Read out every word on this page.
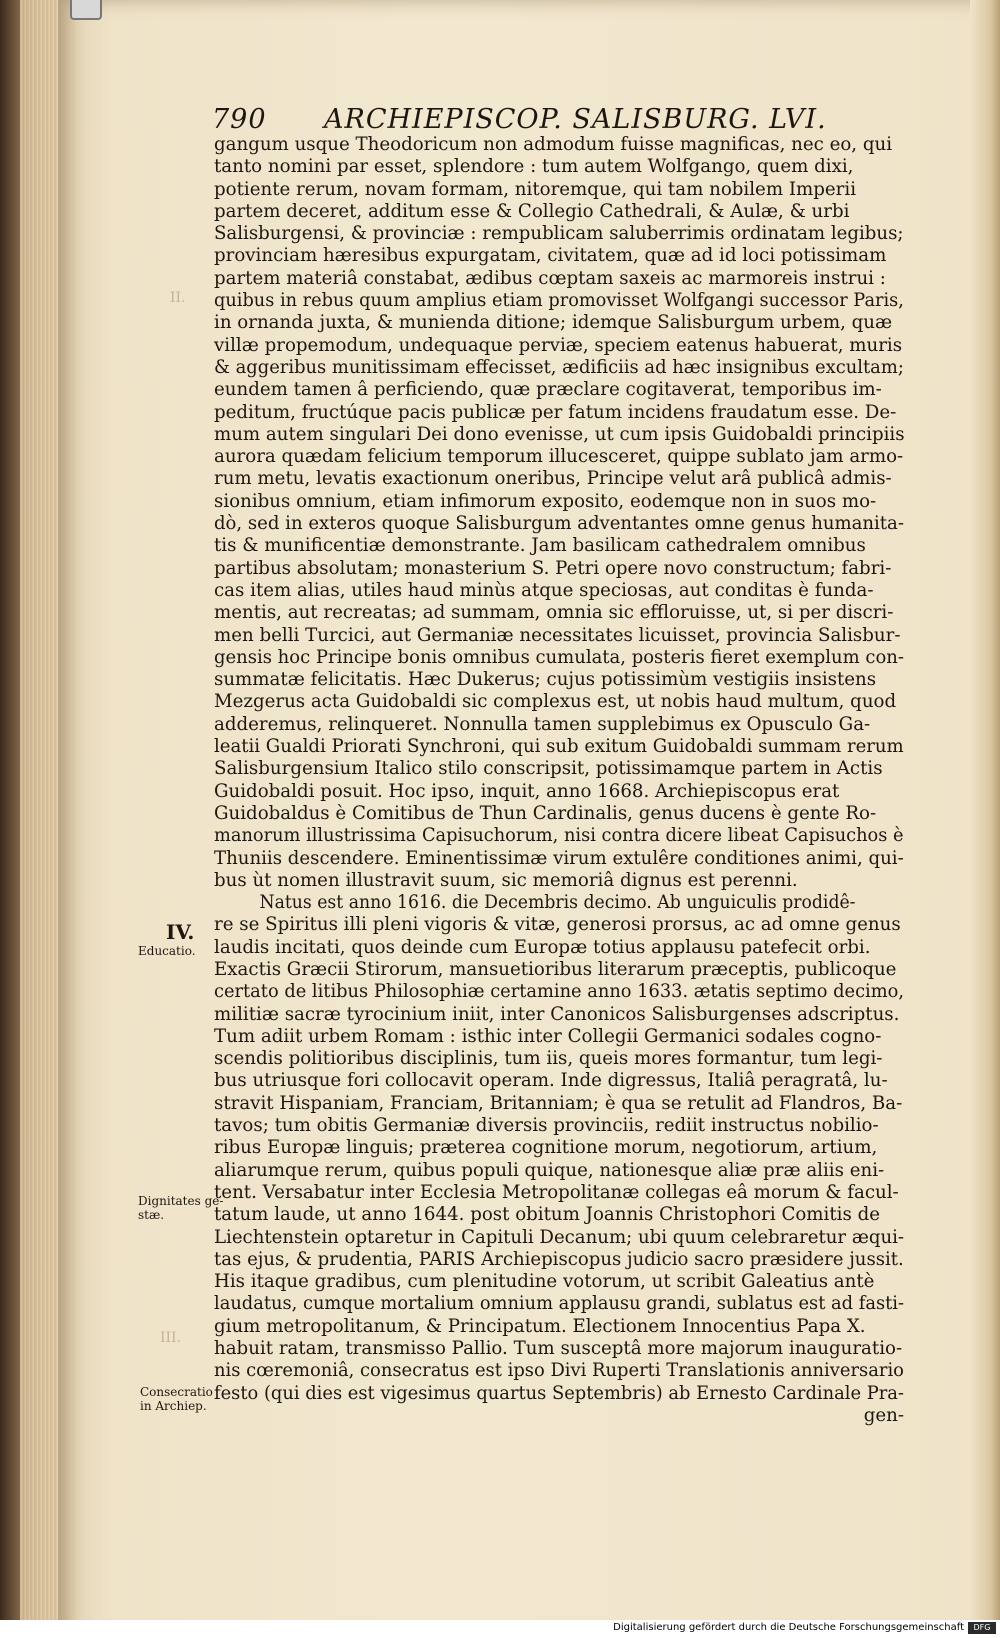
II.
III.
790 ARCHIEPISCOP. SALISBURG. LVI.
gangum usque Theodoricum non admodum fuisse magnificas, nec eo, qui
tanto nomini par esset, splendore : tum autem Wolfgango, quem dixi,
potiente rerum, novam formam, nitoremque, qui tam nobilem Imperii
partem deceret, additum esse & Collegio Cathedrali, & Aulæ, & urbi
Salisburgensi, & provinciæ : rempublicam saluberrimis ordinatam legibus;
provinciam hæresibus expurgatam, civitatem, quæ ad id loci potissimam
partem materiâ constabat, ædibus cœptam saxeis ac marmoreis instrui :
quibus in rebus quum amplius etiam promovisset Wolfgangi successor Paris,
in ornanda juxta, & munienda ditione; idemque Salisburgum urbem, quæ
villæ propemodum, undequaque perviæ, speciem eatenus habuerat, muris
& aggeribus munitissimam effecisset, ædificiis ad hæc insignibus excultam;
eundem tamen â perficiendo, quæ præclare cogitaverat, temporibus im-
peditum, fructúque pacis publicæ per fatum incidens fraudatum esse. De-
mum autem singulari Dei dono evenisse, ut cum ipsis Guidobaldi principiis
aurora quædam felicium temporum illucesceret, quippe sublato jam armo-
rum metu, levatis exactionum oneribus, Principe velut arâ publicâ admis-
sionibus omnium, etiam infimorum exposito, eodemque non in suos mo-
dò, sed in exteros quoque Salisburgum adventantes omne genus humanita-
tis & munificentiæ demonstrante. Jam basilicam cathedralem omnibus
partibus absolutam; monasterium S. Petri opere novo constructum; fabri-
cas item alias, utiles haud minùs atque speciosas, aut conditas è funda-
mentis, aut recreatas; ad summam, omnia sic effloruisse, ut, si per discri-
men belli Turcici, aut Germaniæ necessitates licuisset, provincia Salisbur-
gensis hoc Principe bonis omnibus cumulata, posteris fieret exemplum con-
summatæ felicitatis. Hæc Dukerus; cujus potissimùm vestigiis insistens
Mezgerus acta Guidobaldi sic complexus est, ut nobis haud multum, quod
adderemus, relinqueret. Nonnulla tamen supplebimus ex Opusculo Ga-
leatii Gualdi Priorati Synchroni, qui sub exitum Guidobaldi summam rerum
Salisburgensium Italico stilo conscripsit, potissimamque partem in Actis
Guidobaldi posuit. Hoc ipso, inquit, anno 1668. Archiepiscopus erat
Guidobaldus è Comitibus de Thun Cardinalis, genus ducens è gente Ro-
manorum illustrissima Capisuchorum, nisi contra dicere libeat Capisuchos è
Thuniis descendere. Eminentissimæ virum extulêre conditiones animi, qui-
bus ùt nomen illustravit suum, sic memoriâ dignus est perenni.
Natus est anno 1616. die Decembris decimo. Ab unguiculis prodidê-
re se Spiritus illi pleni vigoris & vitæ, generosi prorsus, ac ad omne genus
laudis incitati, quos deinde cum Europæ totius applausu patefecit orbi.
Exactis Græcii Stirorum, mansuetioribus literarum præceptis, publicoque
certato de litibus Philosophiæ certamine anno 1633. ætatis septimo decimo,
militiæ sacræ tyrocinium iniit, inter Canonicos Salisburgenses adscriptus.
Tum adiit urbem Romam : isthic inter Collegii Germanici sodales cogno-
scendis politioribus disciplinis, tum iis, queis mores formantur, tum legi-
bus utriusque fori collocavit operam. Inde digressus, Italiâ peragratâ, lu-
stravit Hispaniam, Franciam, Britanniam; è qua se retulit ad Flandros, Ba-
tavos; tum obitis Germaniæ diversis provinciis, rediit instructus nobilio-
ribus Europæ linguis; præterea cognitione morum, negotiorum, artium,
aliarumque rerum, quibus populi quique, nationesque aliæ præ aliis eni-
tent. Versabatur inter Ecclesia Metropolitanæ collegas eâ morum & facul-
tatum laude, ut anno 1644. post obitum Joannis Christophori Comitis de
Liechtenstein optaretur in Capituli Decanum; ubi quum celebraretur æqui-
tas ejus, & prudentia, PARIS Archiepiscopus judicio sacro præsidere jussit.
His itaque gradibus, cum plenitudine votorum, ut scribit Galeatius antè
laudatus, cumque mortalium omnium applausu grandi, sublatus est ad fasti-
gium metropolitanum, & Principatum. Electionem Innocentius Papa X.
habuit ratam, transmisso Pallio. Tum susceptâ more majorum inauguratio-
nis cœremoniâ, consecratus est ipso Divi Ruperti Translationis anniversario
festo (qui dies est vigesimus quartus Septembris) ab Ernesto Cardinale Pra-
gen-
IV.
Educatio.
Dignitates ge-
stæ.
Consecratio
in Archiep.
Digitalisierung gefördert durch die Deutsche Forschungsgemeinschaft	DFG
